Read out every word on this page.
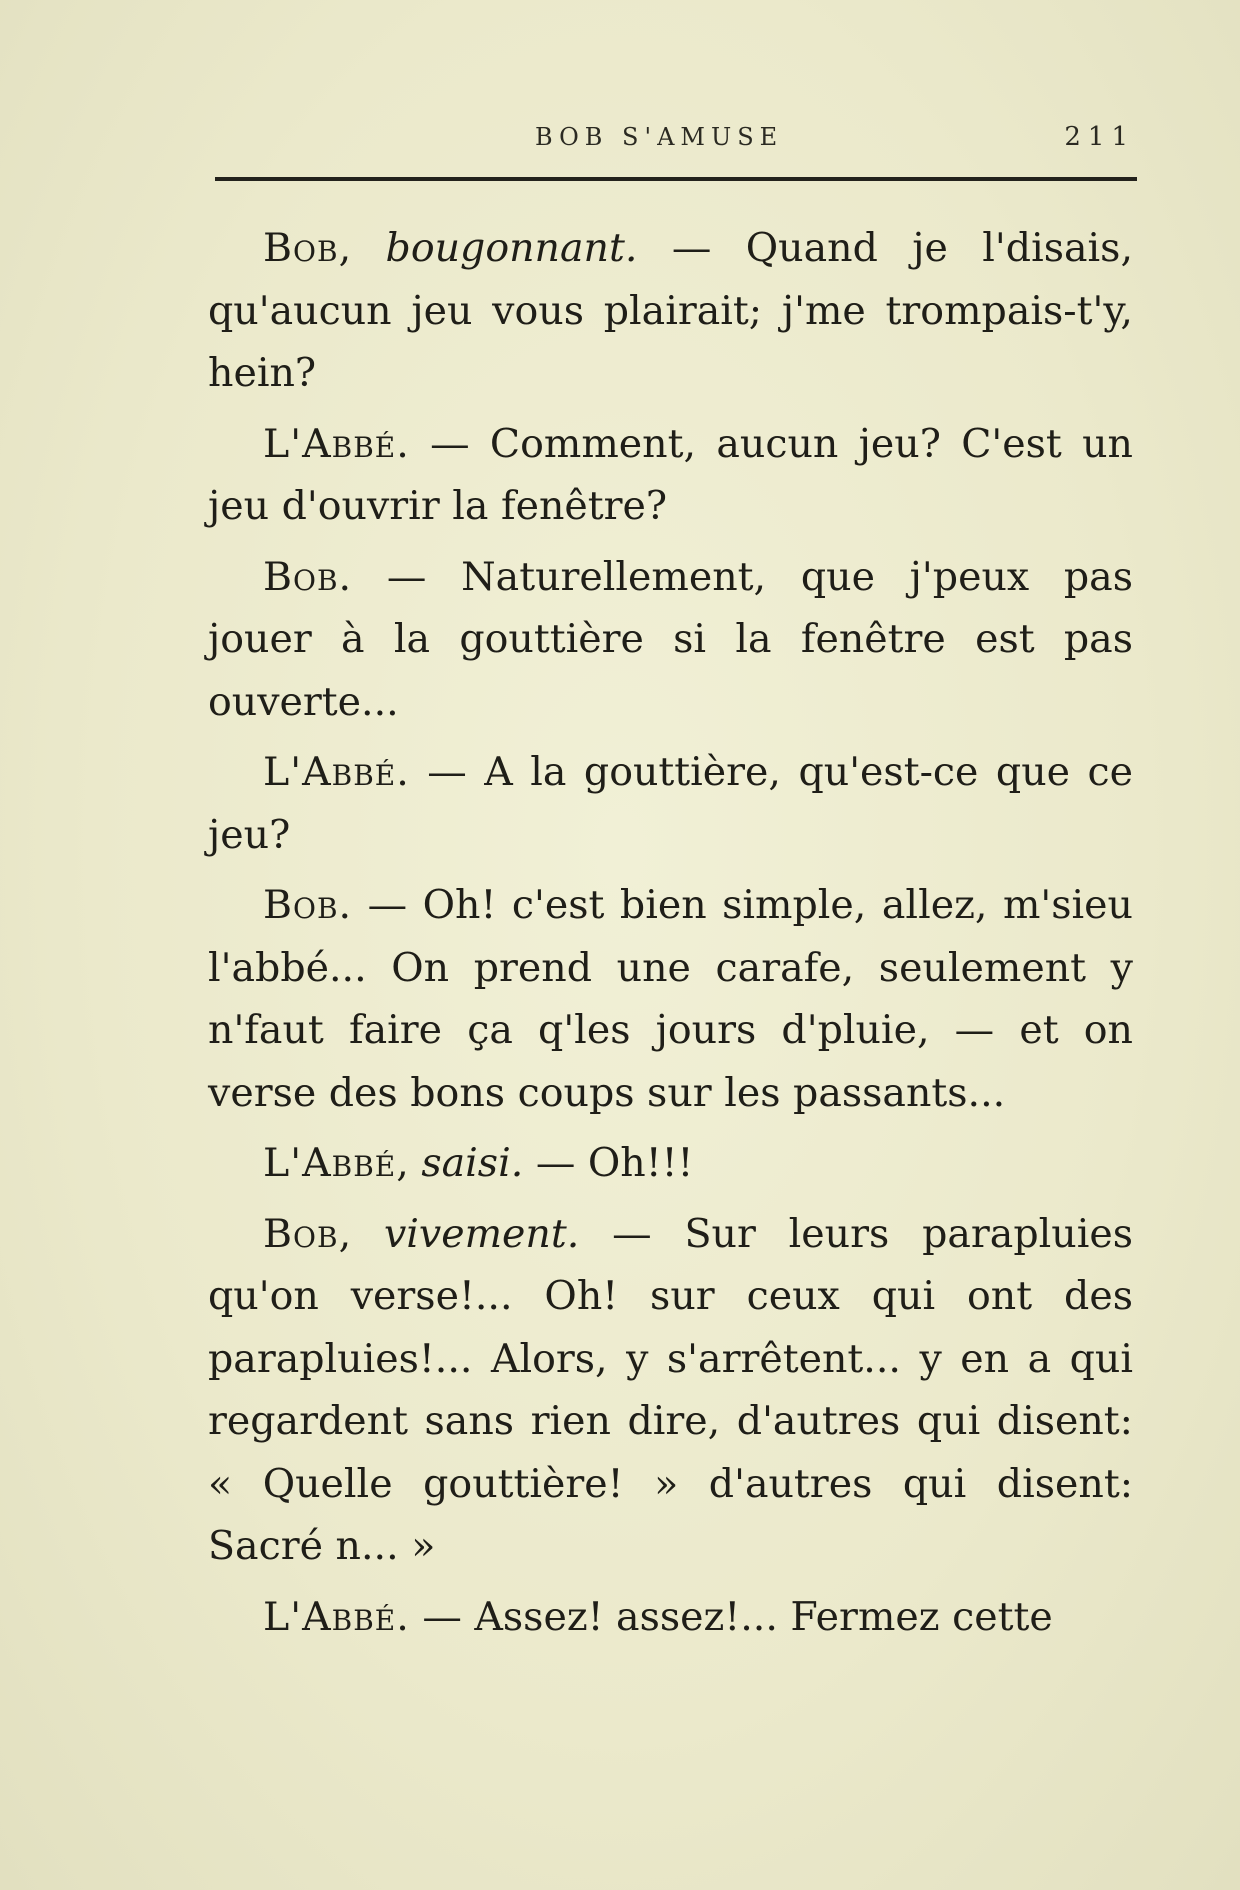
BOB S'AMUSE	211

Bob, bougonnant. — Quand je l'disais, qu'aucun jeu vous plairait; j'me trompais-t'y, hein?

L'Abbé. — Comment, aucun jeu? C'est un jeu d'ouvrir la fenêtre?

Bob. — Naturellement, que j'peux pas jouer à la gouttière si la fenêtre est pas ouverte...

L'Abbé. — A la gouttière, qu'est-ce que ce jeu?

Bob. — Oh! c'est bien simple, allez, m'sieu l'abbé... On prend une carafe, seulement y n'faut faire ça q'les jours d'pluie, — et on verse des bons coups sur les passants...

L'Abbé, saisi. — Oh!!!

Bob, vivement. — Sur leurs parapluies qu'on verse!... Oh! sur ceux qui ont des parapluies!... Alors, y s'arrêtent... y en a qui regardent sans rien dire, d'autres qui disent: « Quelle gouttière! » d'autres qui disent: Sacré n... »

L'Abbé. — Assez! assez!... Fermez cette
